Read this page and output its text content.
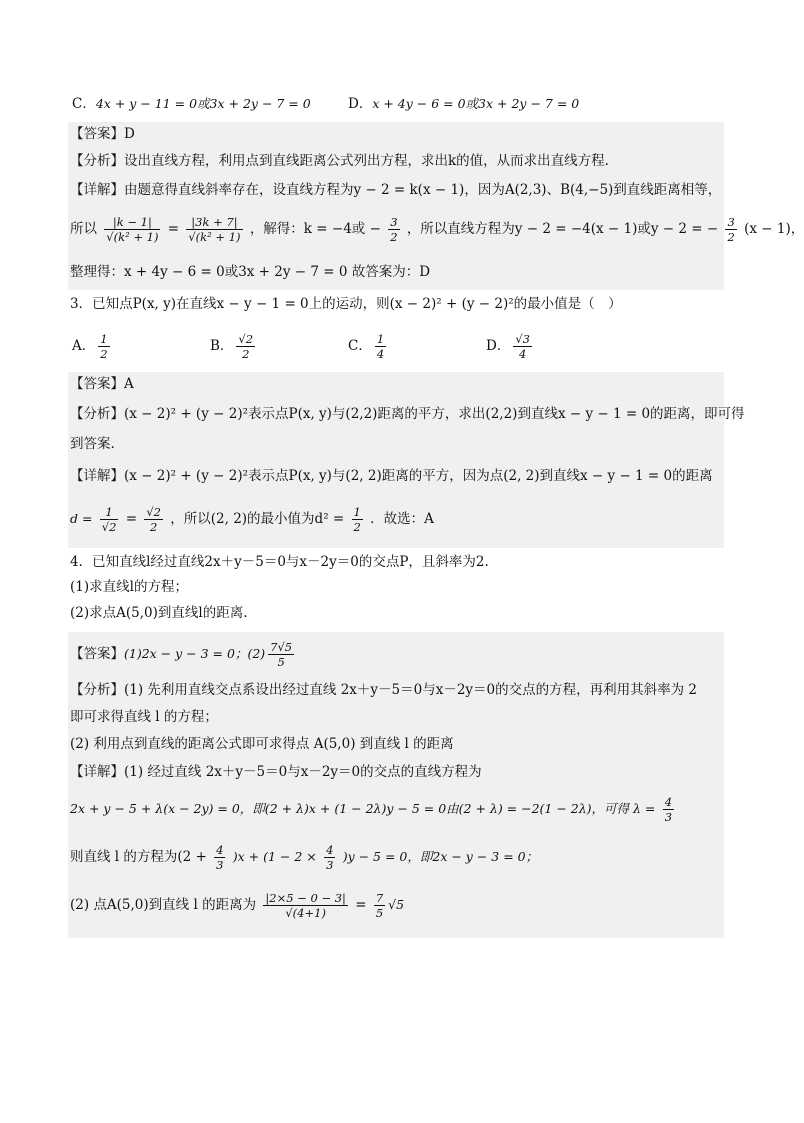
C．4x + y − 11 = 0或3x + 2y − 7 = 0	D．x + 4y − 6 = 0或3x + 2y − 7 = 0
【答案】D
【分析】设出直线方程，利用点到直线距离公式列出方程，求出k的值，从而求出直线方程.
【详解】由题意得直线斜率存在，设直线方程为y − 2 = k(x − 1)，因为A(2,3)、B(4,−5)到直线距离相等，
所以 $\frac{|k - 1|}{\text{√(k² + 1)}} = \frac{|3k + 7|}{\text{√(k² + 1)}}$ ，解得：k = −4或 − $\frac{3}{2}$ ，所以直线方程为y − 2 = −4(x − 1)或y − 2 = − $\frac{3}{2} (x - 1)$，
整理得：x + 4y − 6 = 0或3x + 2y − 7 = 0 故答案为：D
3．已知点P(x, y)在直线x − y − 1 = 0上的运动，则(x − 2)² + (y − 2)²的最小值是（　）
A． $\frac{1}{2}$	B． $\frac{√2}{2}$	C． $\frac{1}{4}$	D． $\frac{√3}{4}$
【答案】A
【分析】(x − 2)² + (y − 2)²表示点P(x, y)与(2,2)距离的平方，求出(2,2)到直线x − y − 1 = 0的距离，即可得
到答案.
【详解】(x − 2)² + (y − 2)²表示点P(x, y)与(2, 2)距离的平方，因为点(2, 2)到直线x − y − 1 = 0的距离
$d = \frac{1}{√2} = \frac{√2}{2}$ ，所以(2, 2)的最小值为$d^2 = \frac{1}{2}$ ．故选：A
4．已知直线l经过直线2x＋y－5＝0与x－2y＝0的交点P，且斜率为2.
(1)求直线l的方程；
(2)求点A(5,0)到直线l的距离.
【答案】(1)2x − y − 3 = 0；$(2) \frac{7√5}{5}$
【分析】(1) 先利用直线交点系设出经过直线 2x＋y－5＝0与x－2y＝0的交点的方程，再利用其斜率为 2
即可求得直线 l 的方程；
(2) 利用点到直线的距离公式即可求得点 A(5,0) 到直线 l 的距离
【详解】(1) 经过直线 2x＋y－5＝0与x－2y＝0的交点的直线方程为
2x + y − 5 + λ(x − 2y) = 0，即(2 + λ)x + (1 − 2λ)y − 5 = 0由(2 + λ) = −2(1 − 2λ)，可得 $\lambda = \frac{4}{3}$
则直线 l 的方程为$(2 + \frac{4}{3} )x + (1 - 2 \times \frac{4}{3} )y - 5 = 0$，即2x − y − 3 = 0；
(2) 点A(5,0)到直线 l 的距离为 $\frac{|2\times 5 - 0 - 3|}{√(4+1)} = \frac{7}{5} √5$
